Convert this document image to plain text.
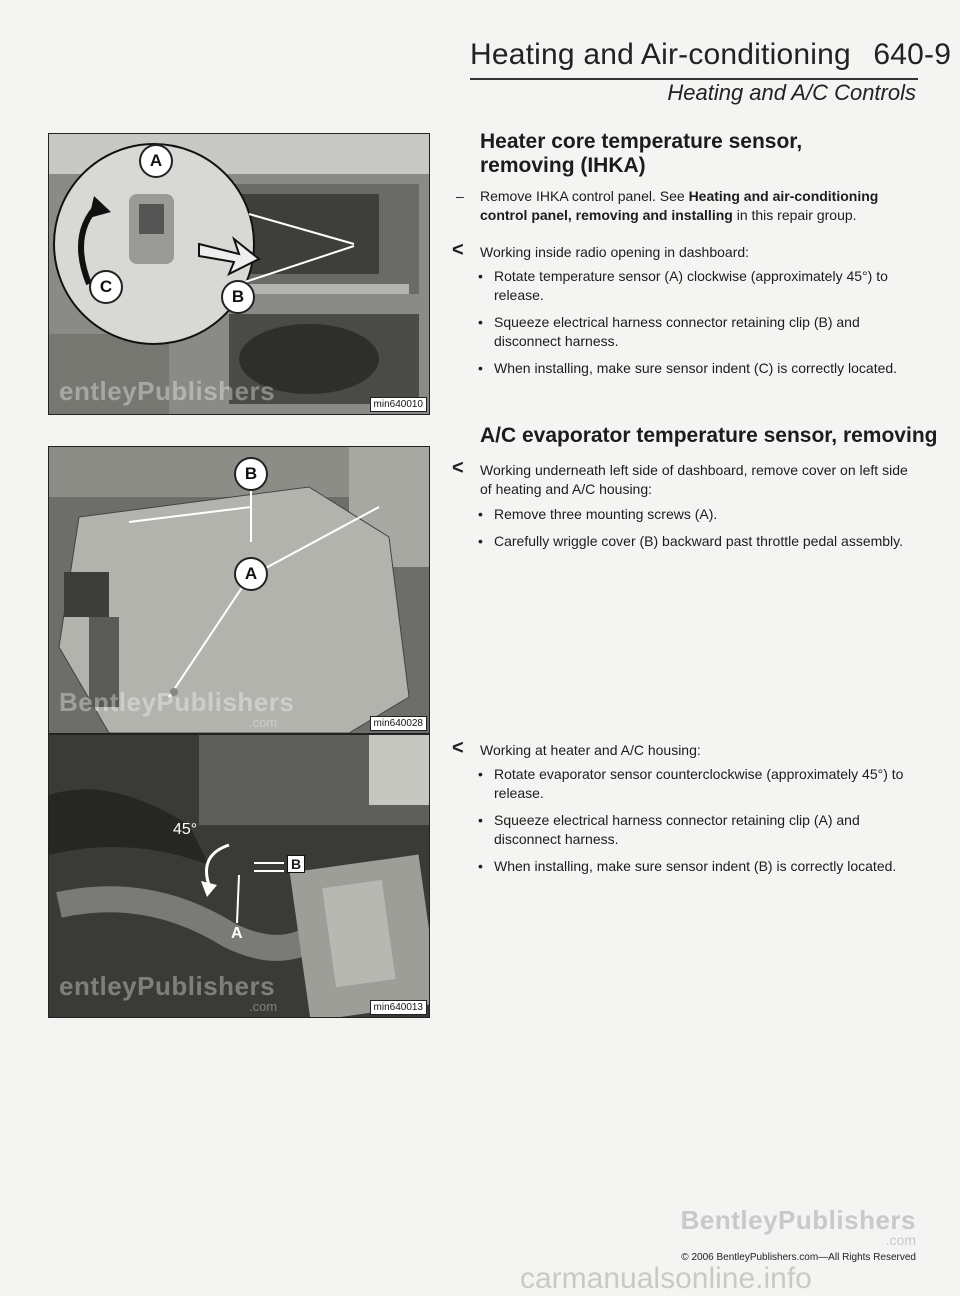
Heating and Air-conditioning 640-9
Heating and A/C Controls
A
B
C
entleyPublishers	min640010
B
A
BentleyPublishers
.com	min640028
45°
B
A
entleyPublishers
.com	min640013
Heater core temperature sensor, removing (IHKA)
– Remove IHKA control panel. See Heating and air-conditioning control panel, removing and installing in this repair group.
< Working inside radio opening in dashboard:
• Rotate temperature sensor (A) clockwise (approximately 45°) to release.
• Squeeze electrical harness connector retaining clip (B) and disconnect harness.
• When installing, make sure sensor indent (C) is correctly located.
A/C evaporator temperature sensor, removing
< Working underneath left side of dashboard, remove cover on left side of heating and A/C housing:
• Remove three mounting screws (A).
• Carefully wriggle cover (B) backward past throttle pedal assembly.
< Working at heater and A/C housing:
• Rotate evaporator sensor counterclockwise (approximately 45°) to release.
• Squeeze electrical harness connector retaining clip (A) and disconnect harness.
• When installing, make sure sensor indent (B) is correctly located.
BentleyPublishers
.com
© 2006 BentleyPublishers.com—All Rights Reserved
carmanualsonline.info
